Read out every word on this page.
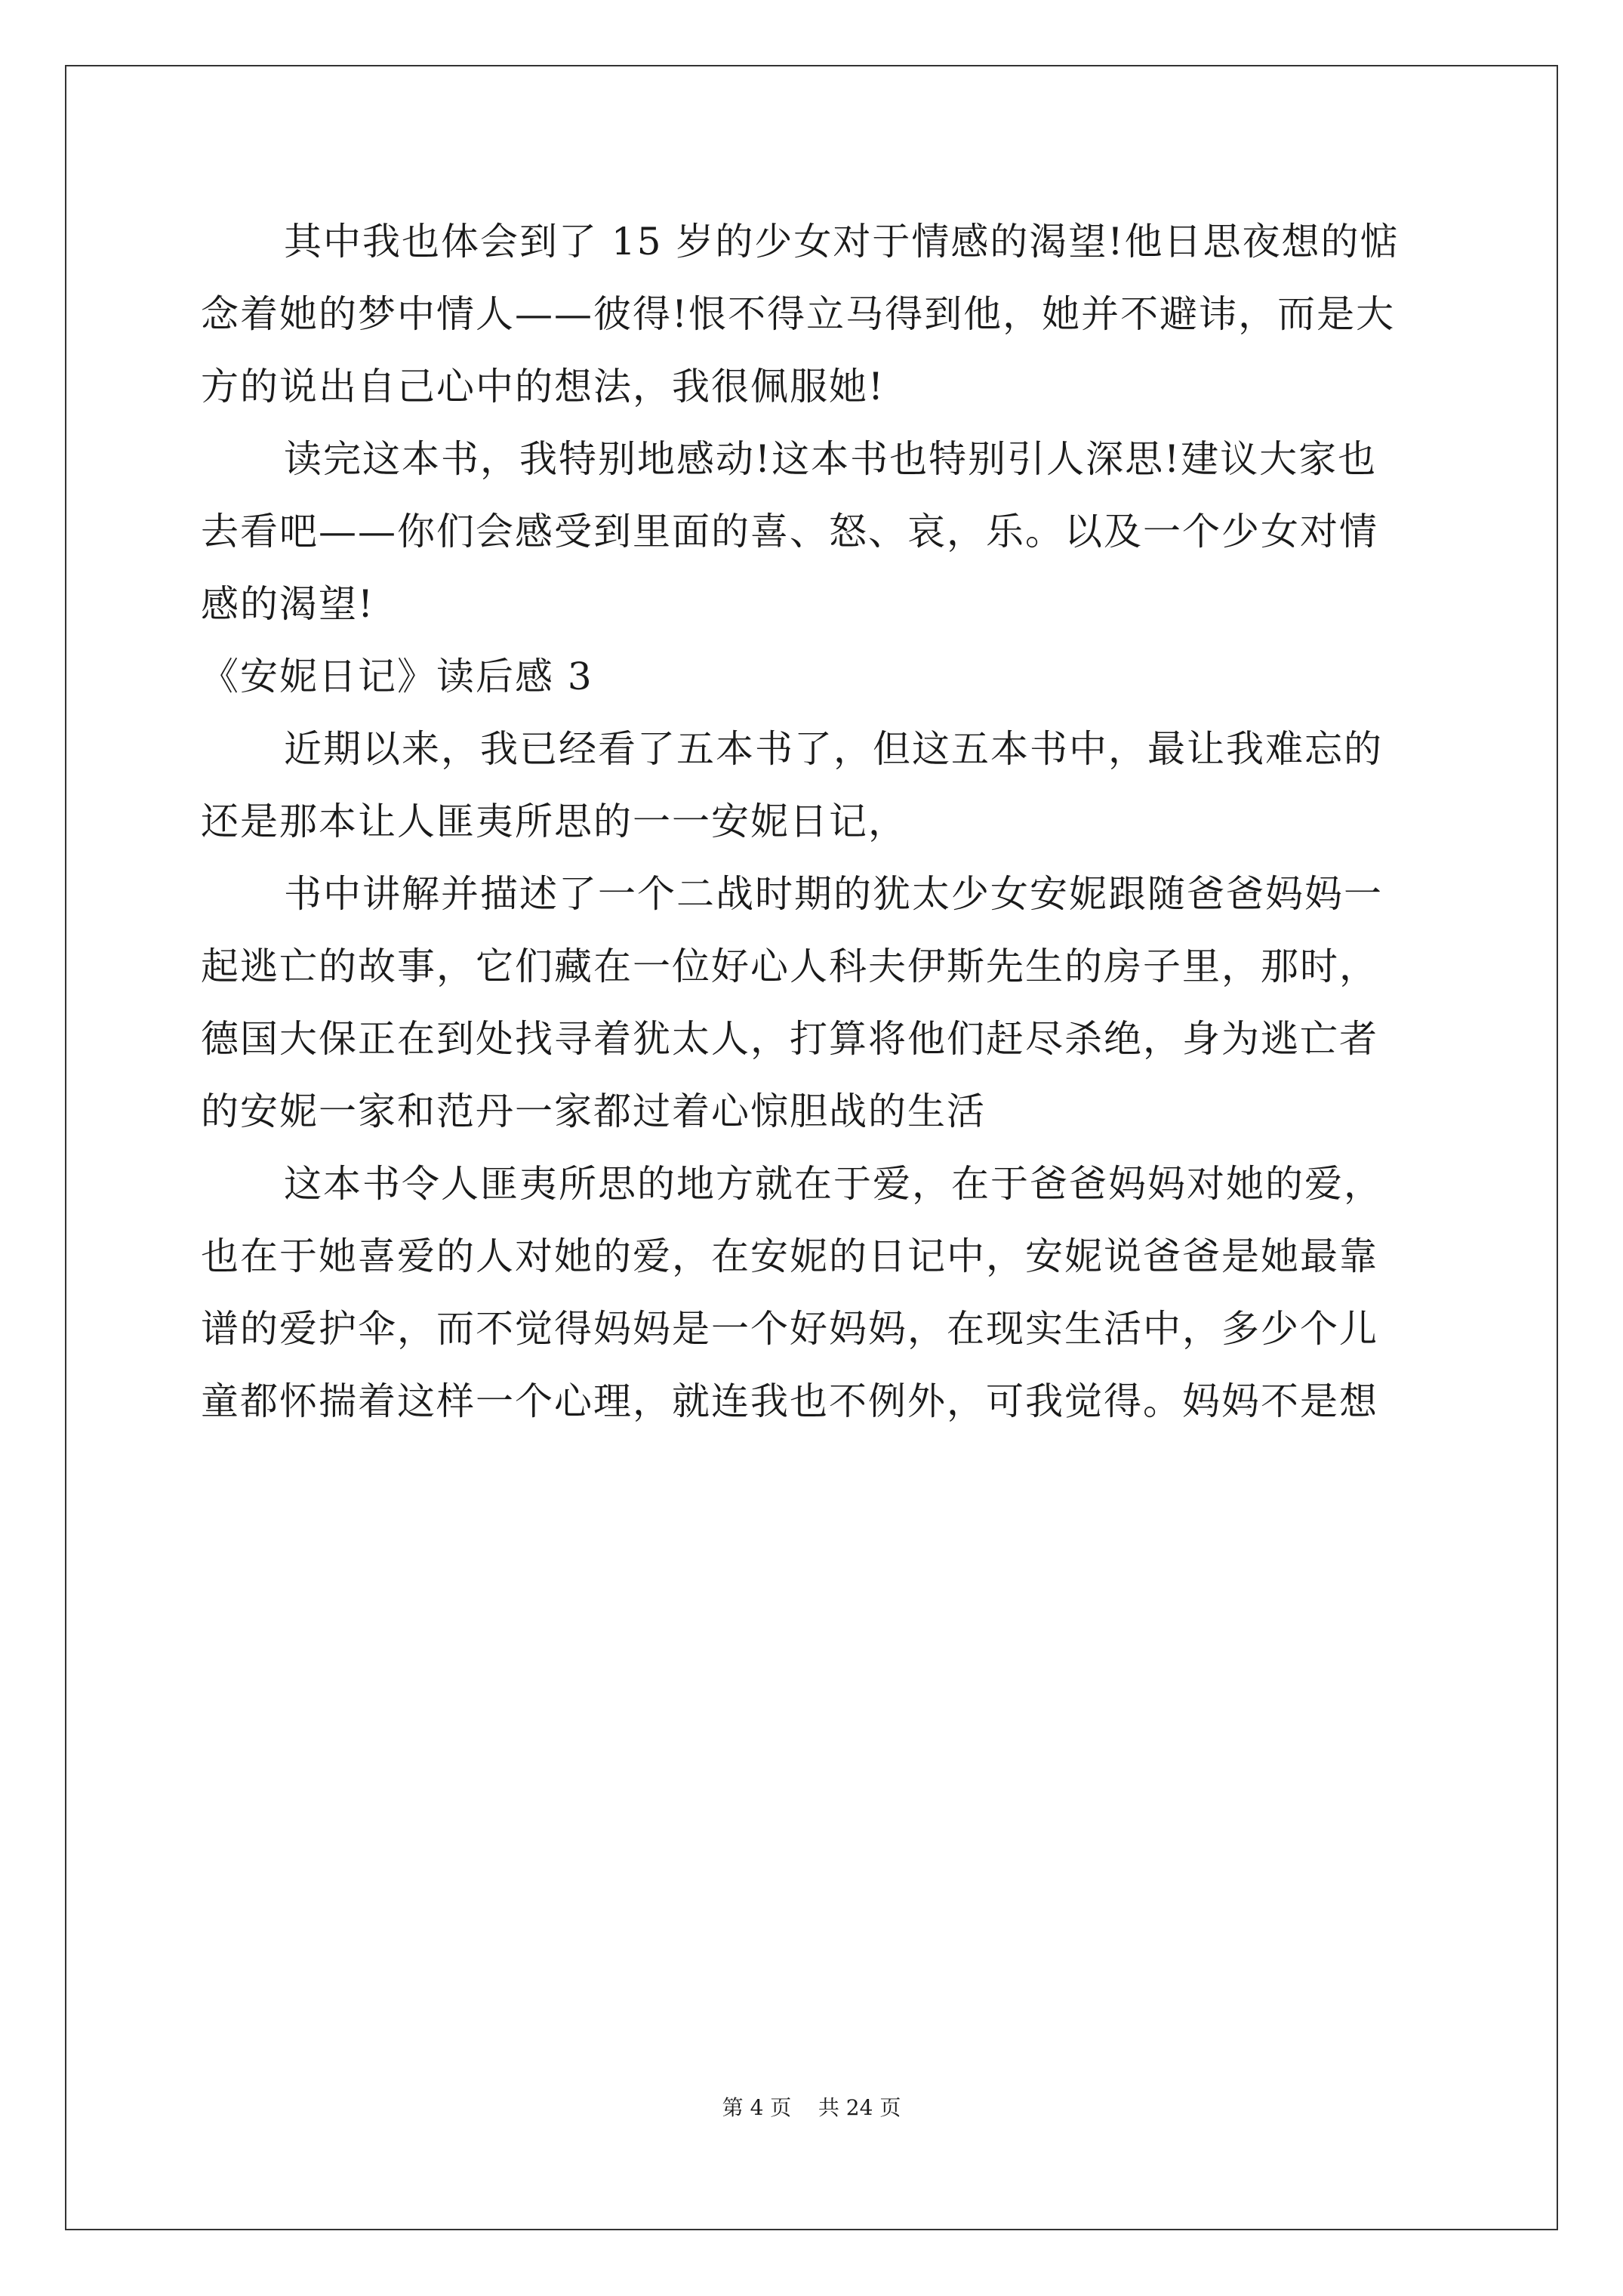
其中我也体会到了 15 岁的少女对于情感的渴望!他日思夜想的惦
念着她的梦中情人——彼得!恨不得立马得到他，她并不避讳，而是大
方的说出自己心中的想法，我很佩服她!
读完这本书，我特别地感动!这本书也特别引人深思!建议大家也
去看吧——你们会感受到里面的喜、怒、哀，乐。以及一个少女对情
感的渴望!
《安妮日记》读后感 3
近期以来，我已经看了五本书了，但这五本书中，最让我难忘的
还是那本让人匪夷所思的一一安妮日记，
书中讲解并描述了一个二战时期的犹太少女安妮跟随爸爸妈妈一
起逃亡的故事，它们藏在一位好心人科夫伊斯先生的房子里，那时，
德国大保正在到处找寻着犹太人，打算将他们赶尽杀绝，身为逃亡者
的安妮一家和范丹一家都过着心惊胆战的生活
这本书令人匪夷所思的地方就在于爱，在于爸爸妈妈对她的爱，
也在于她喜爱的人对她的爱，在安妮的日记中，安妮说爸爸是她最靠
谱的爱护伞，而不觉得妈妈是一个好妈妈，在现实生活中，多少个儿
童都怀揣着这样一个心理，就连我也不例外，可我觉得。妈妈不是想
第 4 页    共 24 页
